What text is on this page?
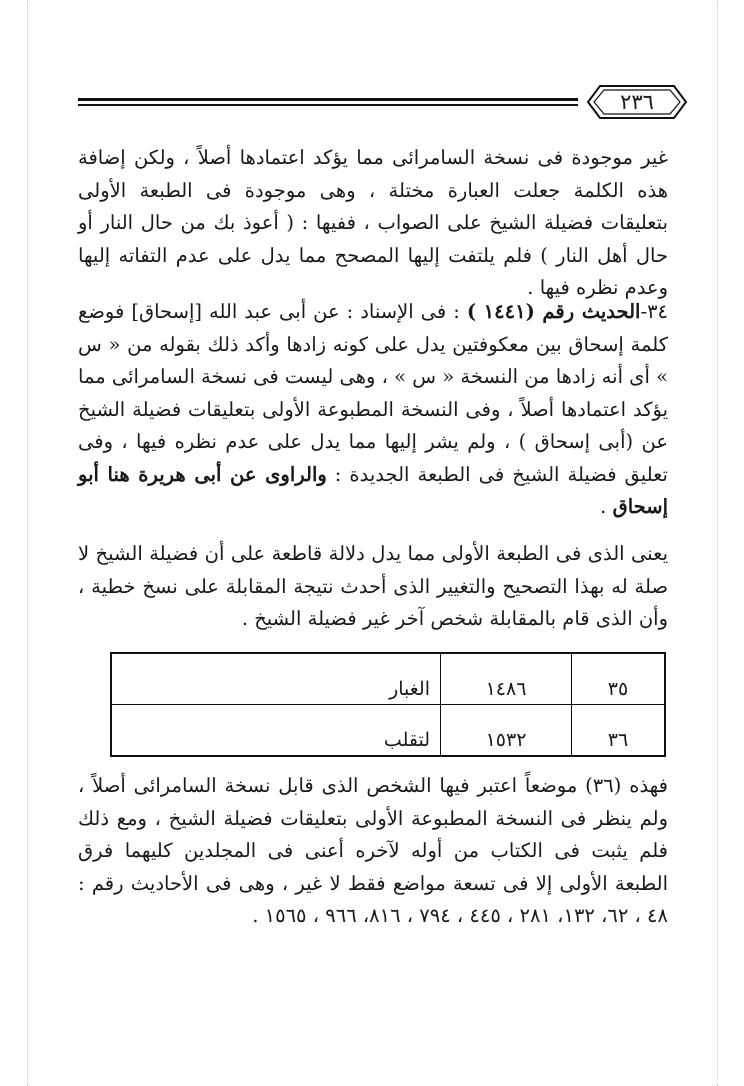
٢٣٦
غير موجودة فى نسخة السامرائى مما يؤكد اعتمادها أصلاً ، ولكن إضافة هذه الكلمة جعلت العبارة مختلة ، وهى موجودة فى الطبعة الأولى بتعليقات فضيلة الشيخ على الصواب ، ففيها : ( أعوذ بك من حال النار أو حال أهل النار ) فلم يلتفت إليها المصحح مما يدل على عدم التفاته إليها وعدم نظره فيها .
٣٤-الحديث رقم (١٤٤١ ) : فى الإسناد : عن أبى عبد الله [إسحاق] فوضع كلمة إسحاق بين معكوفتين يدل على كونه زادها وأكد ذلك بقوله من « س » أى أنه زادها من النسخة « س » ، وهى ليست فى نسخة السامرائى مما يؤكد اعتمادها أصلاً ، وفى النسخة المطبوعة الأولى بتعليقات فضيلة الشيخ عن (أبى إسحاق ) ، ولم يشر إليها مما يدل على عدم نظره فيها ، وفى تعليق فضيلة الشيخ فى الطبعة الجديدة : والراوى عن أبى هريرة هنا أبو إسحاق .
يعنى الذى فى الطبعة الأولى مما يدل دلالة قاطعة على أن فضيلة الشيخ لا صلة له بهذا التصحيح والتغيير الذى أحدث نتيجة المقابلة على نسخ خطية ، وأن الذى قام بالمقابلة شخص آخر غير فضيلة الشيخ .
٣٥	١٤٨٦	الغبار
٣٦	١٥٣٢	لتقلب
فهذه (٣٦) موضعاً اعتبر فيها الشخص الذى قابل نسخة السامرائى أصلاً ، ولم ينظر فى النسخة المطبوعة الأولى بتعليقات فضيلة الشيخ ، ومع ذلك فلم يثبت فى الكتاب من أوله لآخره أعنى فى المجلدين كليهما فرق الطبعة الأولى إلا فى تسعة مواضع فقط لا غير ، وهى فى الأحاديث رقم : ٤٨ ، ٦٢، ١٣٢، ٢٨١ ، ٤٤٥ ، ٧٩٤ ، ٨١٦، ٩٦٦ ، ١٥٦٥ .
